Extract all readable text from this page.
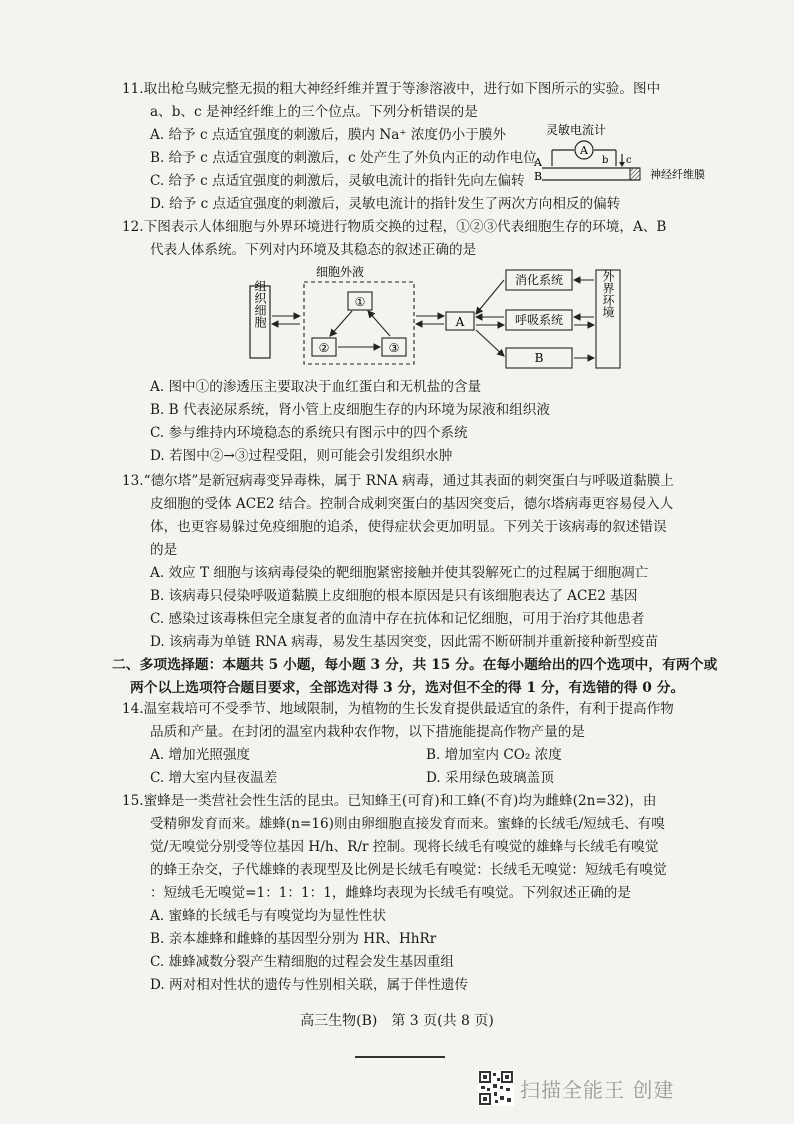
11.取出枪乌贼完整无损的粗大神经纤维并置于等渗溶液中，进行如下图所示的实验。图中

a、b、c 是神经纤维上的三个位点。下列分析错误的是

A. 给予 c 点适宜强度的刺激后，膜内 Na⁺ 浓度仍小于膜外

B. 给予 c 点适宜强度的刺激后，c 处产生了外负内正的动作电位

C. 给予 c 点适宜强度的刺激后，灵敏电流计的指针先向左偏转

D. 给予 c 点适宜强度的刺激后，灵敏电流计的指针发生了两次方向相反的偏转

灵敏电流计
A
A	b c
B	神经纤维膜

12.下图表示人体细胞与外界环境进行物质交换的过程，①②③代表细胞生存的环境，A、B

代表人体系统。下列对内环境及其稳态的叙述正确的是

组织细胞
细胞外液
①
②	③
A
消化系统
呼吸系统
B
外界环境

A. 图中①的渗透压主要取决于血红蛋白和无机盐的含量

B. B 代表泌尿系统，肾小管上皮细胞生存的内环境为尿液和组织液

C. 参与维持内环境稳态的系统只有图示中的四个系统

D. 若图中②→③过程受阻，则可能会引发组织水肿

13.“德尔塔”是新冠病毒变异毒株，属于 RNA 病毒，通过其表面的刺突蛋白与呼吸道黏膜上

皮细胞的受体 ACE2 结合。控制合成刺突蛋白的基因突变后，德尔塔病毒更容易侵入人

体，也更容易躲过免疫细胞的追杀，使得症状会更加明显。下列关于该病毒的叙述错误

的是

A. 效应 T 细胞与该病毒侵染的靶细胞紧密接触并使其裂解死亡的过程属于细胞凋亡

B. 该病毒只侵染呼吸道黏膜上皮细胞的根本原因是只有该细胞表达了 ACE2 基因

C. 感染过该毒株但完全康复者的血清中存在抗体和记忆细胞，可用于治疗其他患者

D. 该病毒为单链 RNA 病毒，易发生基因突变，因此需不断研制并重新接种新型疫苗

二、多项选择题：本题共 5 小题，每小题 3 分，共 15 分。在每小题给出的四个选项中，有两个或

两个以上选项符合题目要求，全部选对得 3 分，选对但不全的得 1 分，有选错的得 0 分。

14.温室栽培可不受季节、地域限制，为植物的生长发育提供最适宜的条件，有利于提高作物

品质和产量。在封闭的温室内栽种农作物，以下措施能提高作物产量的是

A. 增加光照强度	B. 增加室内 CO₂ 浓度

C. 增大室内昼夜温差	D. 采用绿色玻璃盖顶

15.蜜蜂是一类营社会性生活的昆虫。已知蜂王(可育)和工蜂(不育)均为雌蜂(2n=32)，由

受精卵发育而来。雄蜂(n=16)则由卵细胞直接发育而来。蜜蜂的长绒毛/短绒毛、有嗅

觉/无嗅觉分别受等位基因 H/h、R/r 控制。现将长绒毛有嗅觉的雄蜂与长绒毛有嗅觉

的蜂王杂交，子代雄蜂的表现型及比例是长绒毛有嗅觉：长绒毛无嗅觉：短绒毛有嗅觉

：短绒毛无嗅觉=1：1：1：1，雌蜂均表现为长绒毛有嗅觉。下列叙述正确的是

A. 蜜蜂的长绒毛与有嗅觉均为显性性状

B. 亲本雄蜂和雌蜂的基因型分别为 HR、HhRr

C. 雄蜂减数分裂产生精细胞的过程会发生基因重组

D. 两对相对性状的遗传与性别相关联，属于伴性遗传

高三生物(B)　第 3 页(共 8 页)
扫描全能王 创建
